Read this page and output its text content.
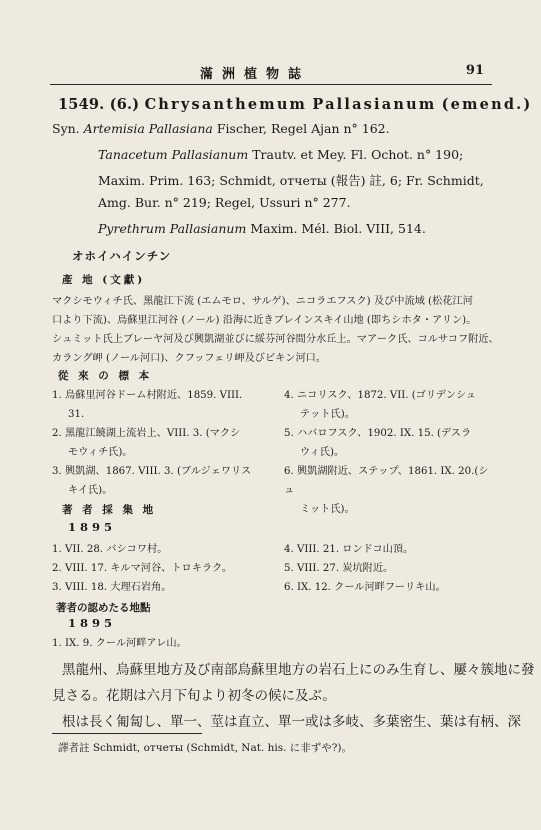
滿洲植物誌	91
1549. (6.) Chrysanthemum Pallasianum (emend.)
Syn. Artemisia Pallasiana Fischer, Regel Ajan n° 162.
Tanacetum Pallasianum Trautv. et Mey. Fl. Ochot. n° 190;
Maxim. Prim. 163; Schmidt, отчеты (報告) 註, 6; Fr. Schmidt,
Amg. Bur. n° 219; Regel, Ussuri n° 277.
Pyrethrum Pallasianum Maxim. Mél. Biol. VIII, 514.
オホイハインチン
產 地 (文獻)
マクシモウィチ氏、黑龍江下流 (エムモロ、サルゲ)、ニコラエフスク) 及び中流域 (松花江河
口より下流)、烏蘇里江河谷 (ノール) 沿海に近きブレインスキイ山地 (即ちシホタ・アリン)。
シュミット氏上ブレーヤ河及び興凱湖並びに綏芬河谷間分水丘上。マアーク氏、コルサコフ附近、
カラング岬 (ノール河口)、クフッフェリ岬及びビキン河口。
從 來 の 標 本
1. 烏蘇里河谷ドーム村附近、1859. VIII.
31.
2. 黑龍江饒湖上流岩上、VIII. 3. (マクシ
モウィチ氏)。
3. 興凱湖、1867. VIII. 3. (ブルジェワリス
キイ氏)。
4. ニコリスク、1872. VII. (ゴリデンシュ
テット氏)。
5. ハバロフスク、1902. IX. 15. (デスラ
ウィ氏)。
6. 興凱湖附近、ステップ、1861. IX. 20.(シュ
ミット氏)。
著 者 採 集 地
1 8 9 5
1. VII. 28. バシコワ村。
2. VIII. 17. キルマ河谷、トロキラク。
3. VIII. 18. 大理石岩角。
4. VIII. 21. ロンドコ山頂。
5. VIII. 27. 炭坑附近。
6. IX. 12. クール河畔フーリキ山。
著者の認めたる地點
1 8 9 5
1. IX. 9. クール河畔アレ山。
黑龍州、烏蘇里地方及び南部烏蘇里地方の岩石上にのみ生育し、屢々簇地に發
見さる。花期は六月下旬より初冬の候に及ぶ。
根は長く匍匐し、單一、莖は直立、單一或は多岐、多葉密生、葉は有柄、深
譯者註 Schmidt, отчеты (Schmidt, Nat. his. に非ずや?)。
